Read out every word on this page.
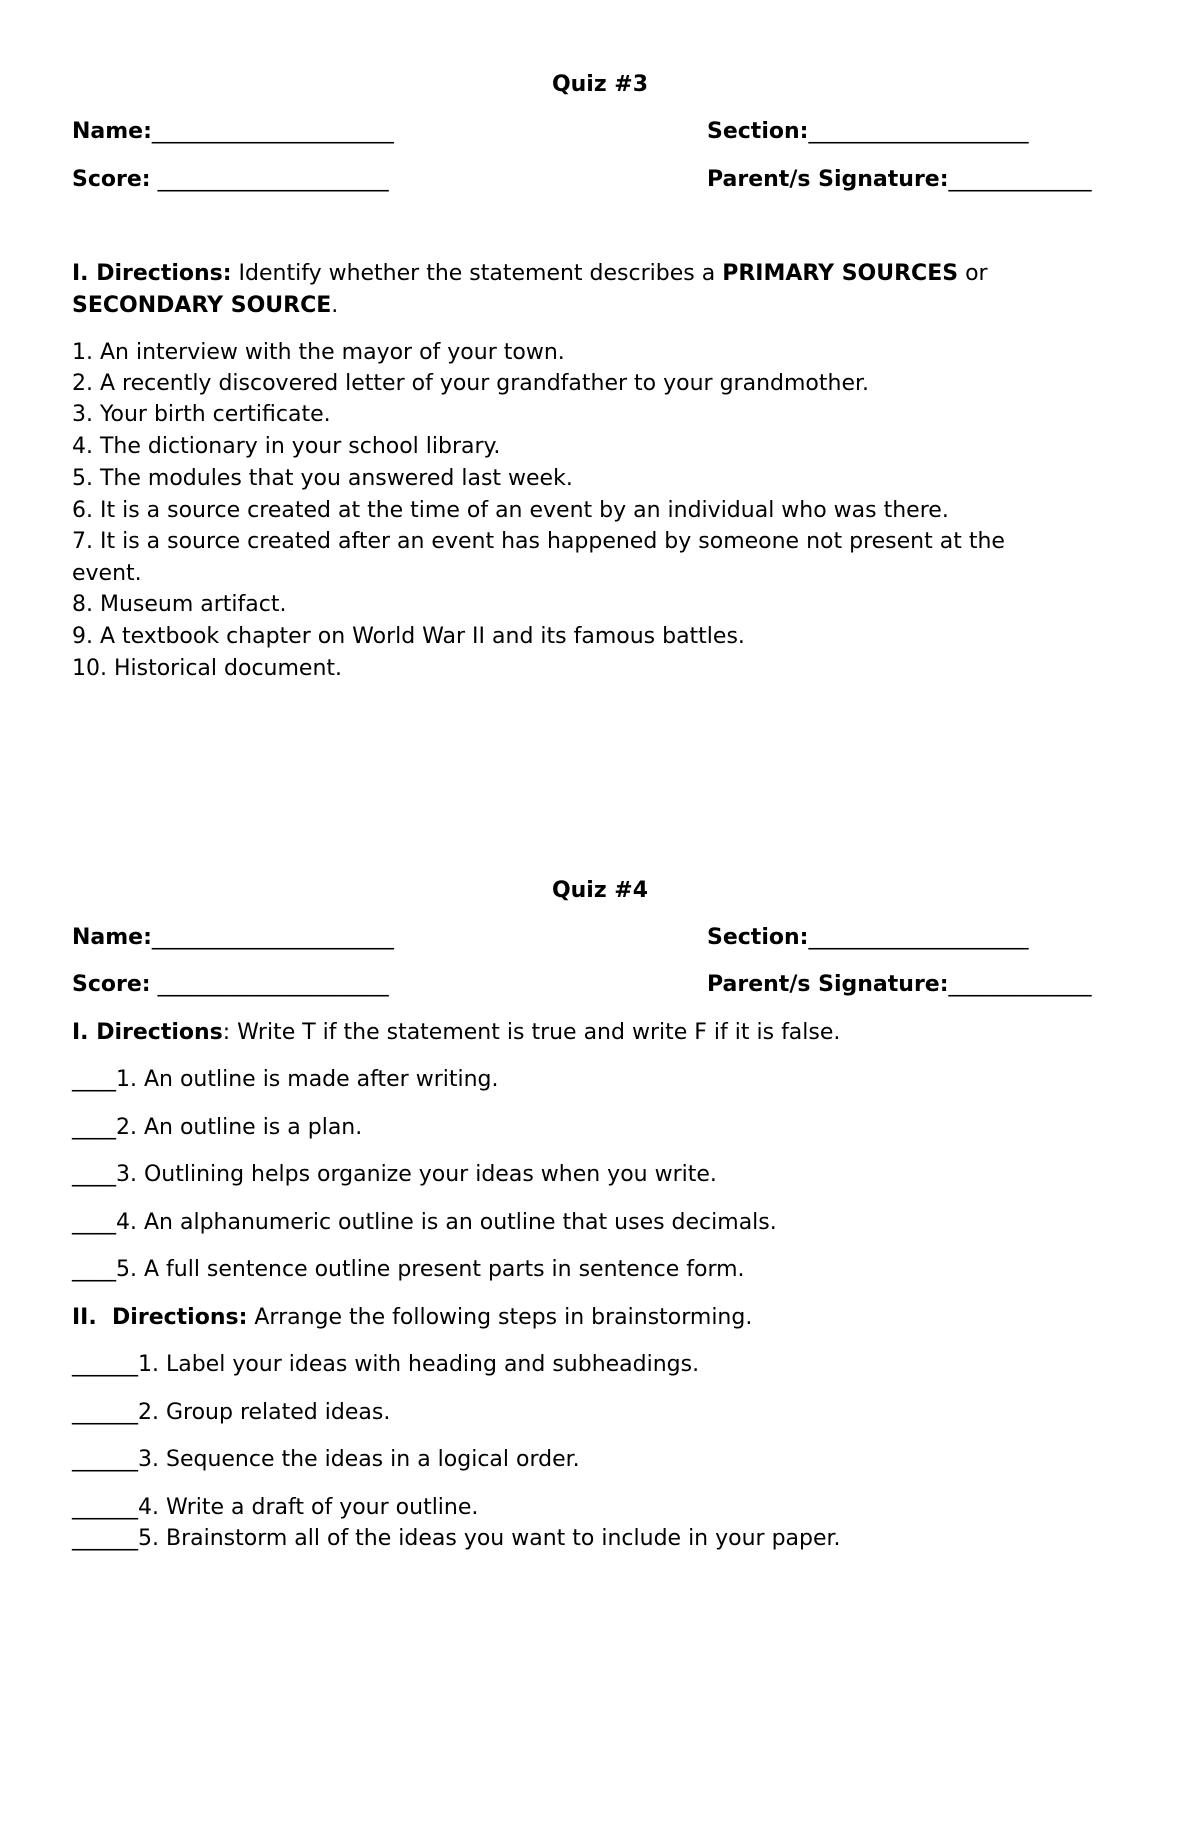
Quiz #3
Name:______________________	Section:____________________
Score: _____________________	Parent/s Signature:_____________
I. Directions: Identify whether the statement describes a PRIMARY SOURCES or
SECONDARY SOURCE.
1. An interview with the mayor of your town.
2. A recently discovered letter of your grandfather to your grandmother.
3. Your birth certificate.
4. The dictionary in your school library.
5. The modules that you answered last week.
6. It is a source created at the time of an event by an individual who was there.
7. It is a source created after an event has happened by someone not present at the
event.
8. Museum artifact.
9. A textbook chapter on World War II and its famous battles.
10. Historical document.
Quiz #4
Name:______________________	Section:____________________
Score: _____________________	Parent/s Signature:_____________
I. Directions: Write T if the statement is true and write F if it is false.
____1. An outline is made after writing.
____2. An outline is a plan.
____3. Outlining helps organize your ideas when you write.
____4. An alphanumeric outline is an outline that uses decimals.
____5. A full sentence outline present parts in sentence form.
II.  Directions: Arrange the following steps in brainstorming.
______1. Label your ideas with heading and subheadings.
______2. Group related ideas.
______3. Sequence the ideas in a logical order.
______4. Write a draft of your outline.
______5. Brainstorm all of the ideas you want to include in your paper.
